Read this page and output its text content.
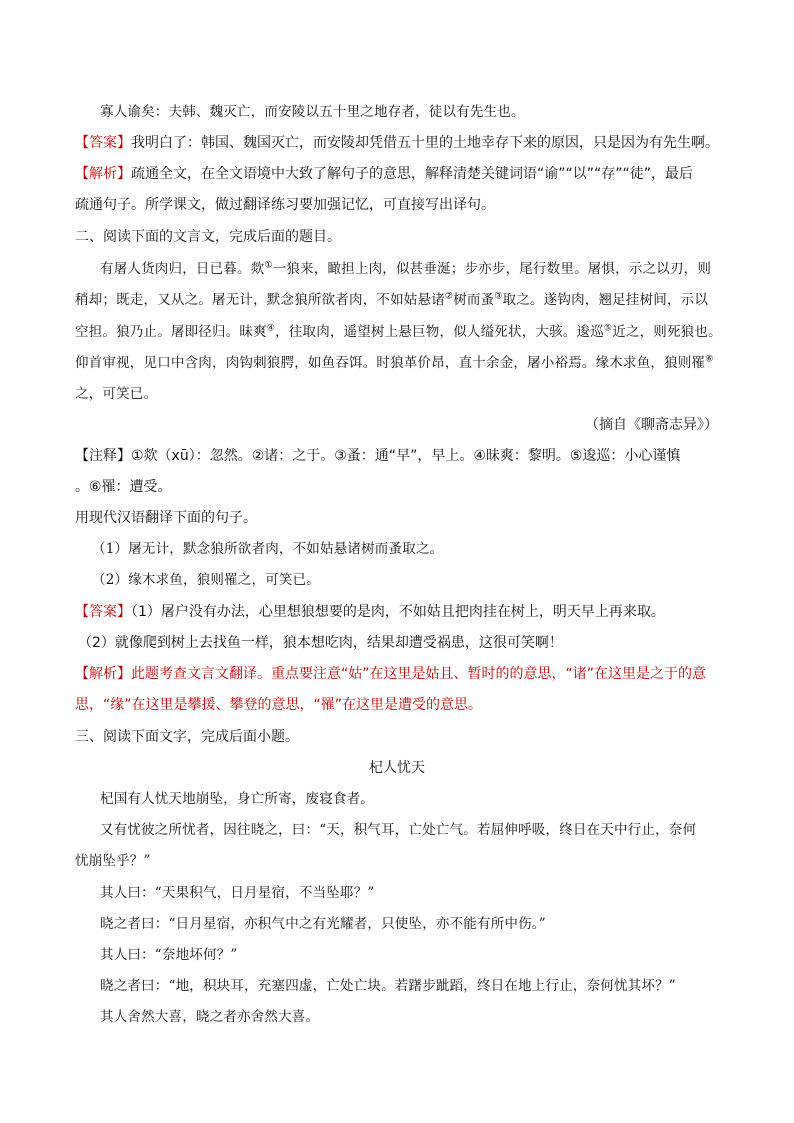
寡人谕矣：夫韩、魏灭亡，而安陵以五十里之地存者，徒以有先生也。
【答案】我明白了：韩国、魏国灭亡，而安陵却凭借五十里的土地幸存下来的原因，只是因为有先生啊。
【解析】疏通全文，在全文语境中大致了解句子的意思，解释清楚关键词语“谕”“以”“存”“徒”，最后
疏通句子。所学课文，做过翻译练习要加强记忆，可直接写出译句。
二、阅读下面的文言文，完成后面的题目。
有屠人货肉归，日已暮。欻①一狼来，瞰担上肉，似甚垂涎；步亦步，尾行数里。屠惧，示之以刃，则
稍却；既走，又从之。屠无计，默念狼所欲者肉，不如姑悬诸②树而蚤③取之。遂钩肉，翘足挂树间，示以
空担。狼乃止。屠即径归。昧爽④，往取肉，遥望树上悬巨物，似人缢死状，大骇。逡巡⑤近之，则死狼也。
仰首审视，见口中含肉，肉钩刺狼腭，如鱼吞饵。时狼革价昂，直十余金，屠小裕焉。缘木求鱼，狼则罹⑥
之，可笑已。
（摘自《聊斋志异》）
【注释】①欻（xū）：忽然。②诸：之于。③蚤：通“早”，早上。④昧爽：黎明。⑤逡巡：小心谨慎
。⑥罹：遭受。
用现代汉语翻译下面的句子。
（1）屠无计，默念狼所欲者肉，不如姑悬诸树而蚤取之。
（2）缘木求鱼，狼则罹之，可笑已。
【答案】（1）屠户没有办法，心里想狼想要的是肉，不如姑且把肉挂在树上，明天早上再来取。
（2）就像爬到树上去找鱼一样，狼本想吃肉，结果却遭受祸患，这很可笑啊！
【解析】此题考查文言文翻译。重点要注意“姑”在这里是姑且、暂时的的意思，“诸”在这里是之于的意
思，“缘”在这里是攀援、攀登的意思，“罹”在这里是遭受的意思。
三、阅读下面文字，完成后面小题。
杞人忧天
杞国有人忧天地崩坠，身亡所寄，废寝食者。
又有忧彼之所忧者，因往晓之，曰：“天，积气耳，亡处亡气。若屈伸呼吸，终日在天中行止，奈何
忧崩坠乎？”
其人曰：“天果积气，日月星宿，不当坠耶？”
晓之者曰：“日月星宿，亦积气中之有光耀者，只使坠，亦不能有所中伤。”
其人曰：“奈地坏何？”
晓之者曰：“地，积块耳，充塞四虚，亡处亡块。若躇步跐蹈，终日在地上行止，奈何忧其坏？”
其人舍然大喜，晓之者亦舍然大喜。
